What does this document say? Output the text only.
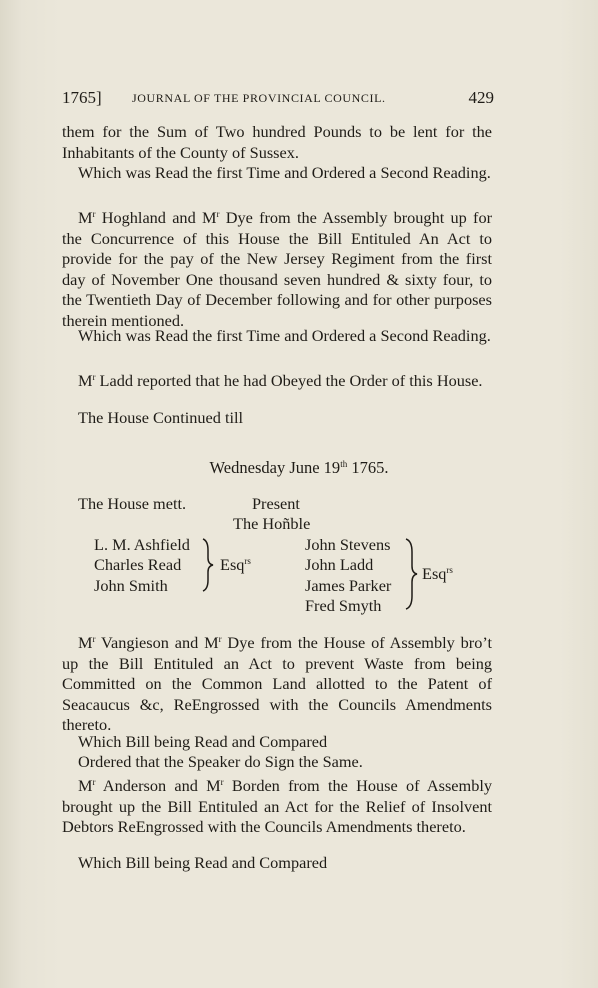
1765]	JOURNAL OF THE PROVINCIAL COUNCIL.	429
them for the Sum of Two hundred Pounds to be lent for the Inhabitants of the County of Sussex.
Which was Read the first Time and Ordered a Second Reading.
$M^r$ Hoghland and $M^r$ Dye from the Assembly brought up for the Concurrence of this House the Bill Entituled An Act to provide for the pay of the New Jersey Regiment from the first day of November One thousand seven hundred & sixty four, to the Twentieth Day of December following and for other purposes therein mentioned.
Which was Read the first Time and Ordered a Second Reading.
$M^r$ Ladd reported that he had Obeyed the Order of this House.
The House Continued till
Wednesday June 19th 1765.
The House mett.	Present
The Hoñble
L. M. Ashfield
Charles Read
John Smith
Esq$^{rs}$
John Stevens
John Ladd
James Parker
Fred Smyth
Esq$^{rs}$
$M^r$ Vangieson and $M^r$ Dye from the House of Assembly bro’t up the Bill Entituled an Act to prevent Waste from being Committed on the Common Land allotted to the Patent of Seacaucus &c, ReEngrossed with the Councils Amendments thereto.
Which Bill being Read and Compared
Ordered that the Speaker do Sign the Same.
$M^r$ Anderson and $M^r$ Borden from the House of Assembly brought up the Bill Entituled an Act for the Relief of Insolvent Debtors ReEngrossed with the Councils Amendments thereto.
Which Bill being Read and Compared
